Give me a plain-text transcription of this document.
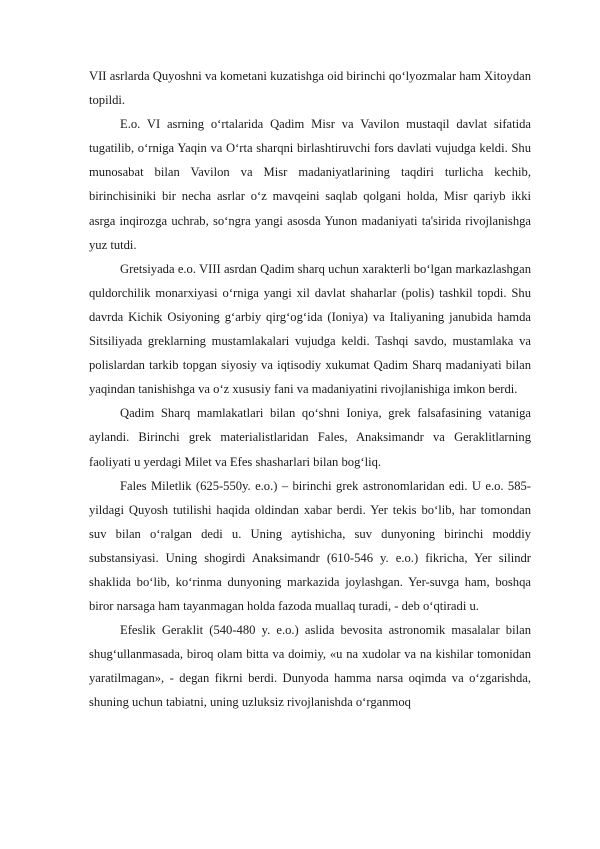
VII asrlarda Quyoshni va kometani kuzatishga oid birinchi qo‘lyozmalar ham Xitoydan topildi.

E.o. VI asrning o‘rtalarida Qadim Misr va Vavilon mustaqil davlat sifatida tugatilib, o‘rniga Yaqin va O‘rta sharqni birlashtiruvchi fors davlati vujudga keldi. Shu munosabat bilan Vavilon va Misr madaniyatlarining taqdiri turlicha kechib, birinchisiniki bir necha asrlar o‘z mavqeini saqlab qolgani holda, Misr qariyb ikki asrga inqirozga uchrab, so‘ngra yangi asosda Yunon madaniyati ta'sirida rivojlanishga yuz tutdi.

Gretsiyada e.o. VIII asrdan Qadim sharq uchun xarakterli bo‘lgan markazlashgan quldorchilik monarxiyasi o‘rniga yangi xil davlat shaharlar (polis) tashkil topdi. Shu davrda Kichik Osiyoning g‘arbiy qirg‘og‘ida (Ioniya) va Italiyaning janubida hamda Sitsiliyada greklarning mustamlakalari vujudga keldi. Tashqi savdo, mustamlaka va polislardan tarkib topgan siyosiy va iqtisodiy xukumat Qadim Sharq madaniyati bilan yaqindan tanishishga va o‘z xususiy fani va madaniyatini rivojlanishiga imkon berdi.

Qadim Sharq mamlakatlari bilan qo‘shni Ioniya, grek falsafasining vataniga aylandi. Birinchi grek materialistlaridan Fales, Anaksimandr va Geraklitlarning faoliyati u yerdagi Milet va Efes shasharlari bilan bog‘liq.

Fales Miletlik (625-550y. e.o.) – birinchi grek astronomlaridan edi. U e.o. 585-yildagi Quyosh tutilishi haqida oldindan xabar berdi. Yer tekis bo‘lib, har tomondan suv bilan o‘ralgan dedi u. Uning aytishicha, suv dunyoning birinchi moddiy substansiyasi. Uning shogirdi Anaksimandr (610-546 y. e.o.) fikricha, Yer silindr shaklida bo‘lib, ko‘rinma dunyoning markazida joylashgan. Yer-suvga ham, boshqa biror narsaga ham tayanmagan holda fazoda muallaq turadi, - deb o‘qtiradi u.

Efeslik Geraklit (540-480 y. e.o.) aslida bevosita astronomik masalalar bilan shug‘ullanmasada, biroq olam bitta va doimiy, «u na xudolar va na kishilar tomonidan yaratilmagan», - degan fikrni berdi. Dunyoda hamma narsa oqimda va o‘zgarishda, shuning uchun tabiatni, uning uzluksiz rivojlanishda o‘rganmoq
